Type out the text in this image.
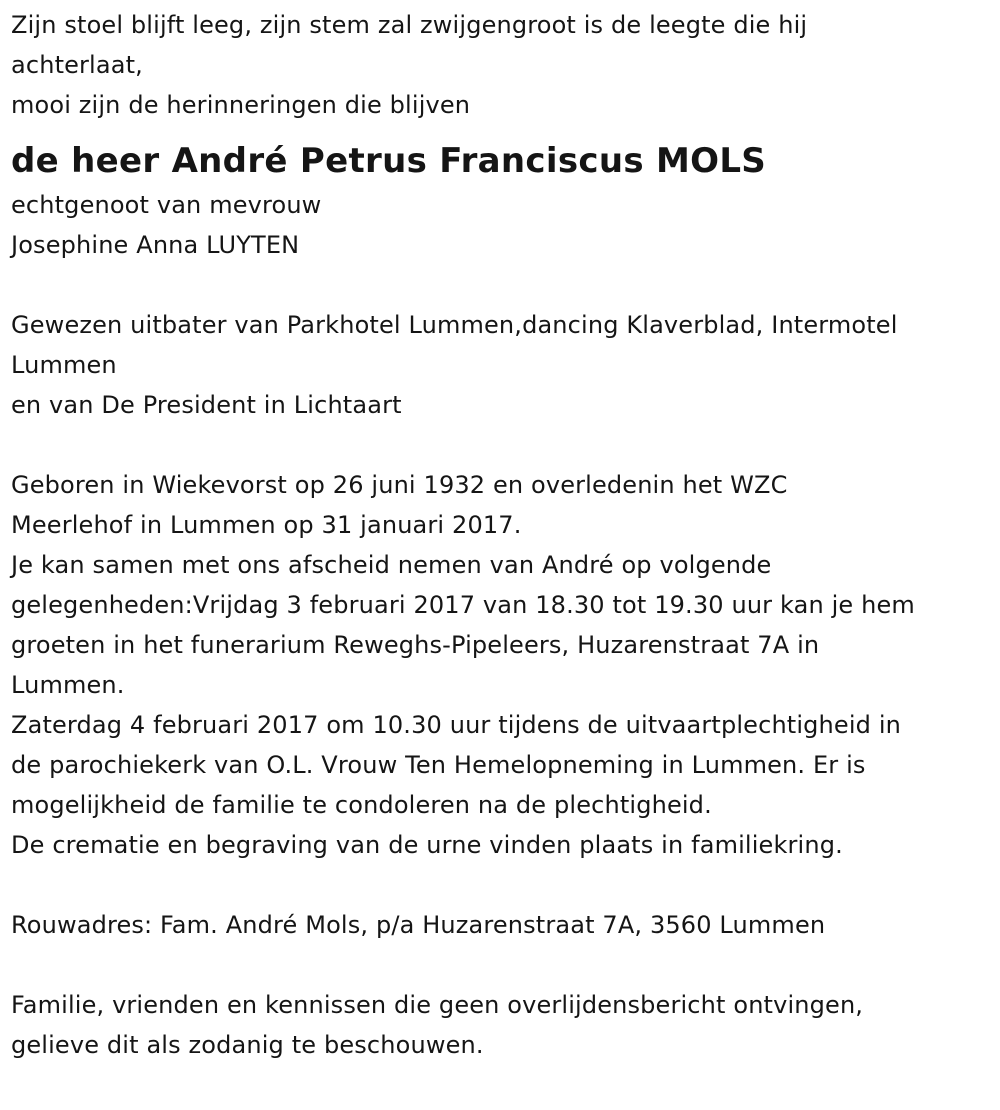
Zijn stoel blijft leeg, zijn stem zal zwijgengroot is de leegte die hij
achterlaat,
mooi zijn de herinneringen die blijven
de heer André Petrus Franciscus MOLS
echtgenoot van mevrouw
Josephine Anna LUYTEN
Gewezen uitbater van Parkhotel Lummen,dancing Klaverblad, Intermotel
Lummen
en van De President in Lichtaart
Geboren in Wiekevorst op 26 juni 1932 en overledenin het WZC
Meerlehof in Lummen op 31 januari 2017.
Je kan samen met ons afscheid nemen van André op volgende
gelegenheden:Vrijdag 3 februari 2017 van 18.30 tot 19.30 uur kan je hem
groeten in het funerarium Reweghs-Pipeleers, Huzarenstraat 7A in
Lummen.
Zaterdag 4 februari 2017 om 10.30 uur tijdens de uitvaartplechtigheid in
de parochiekerk van O.L. Vrouw Ten Hemelopneming in Lummen. Er is
mogelijkheid de familie te condoleren na de plechtigheid.
De crematie en begraving van de urne vinden plaats in familiekring.
Rouwadres: Fam. André Mols, p/a Huzarenstraat 7A, 3560 Lummen
Familie, vrienden en kennissen die geen overlijdensbericht ontvingen,
gelieve dit als zodanig te beschouwen.
